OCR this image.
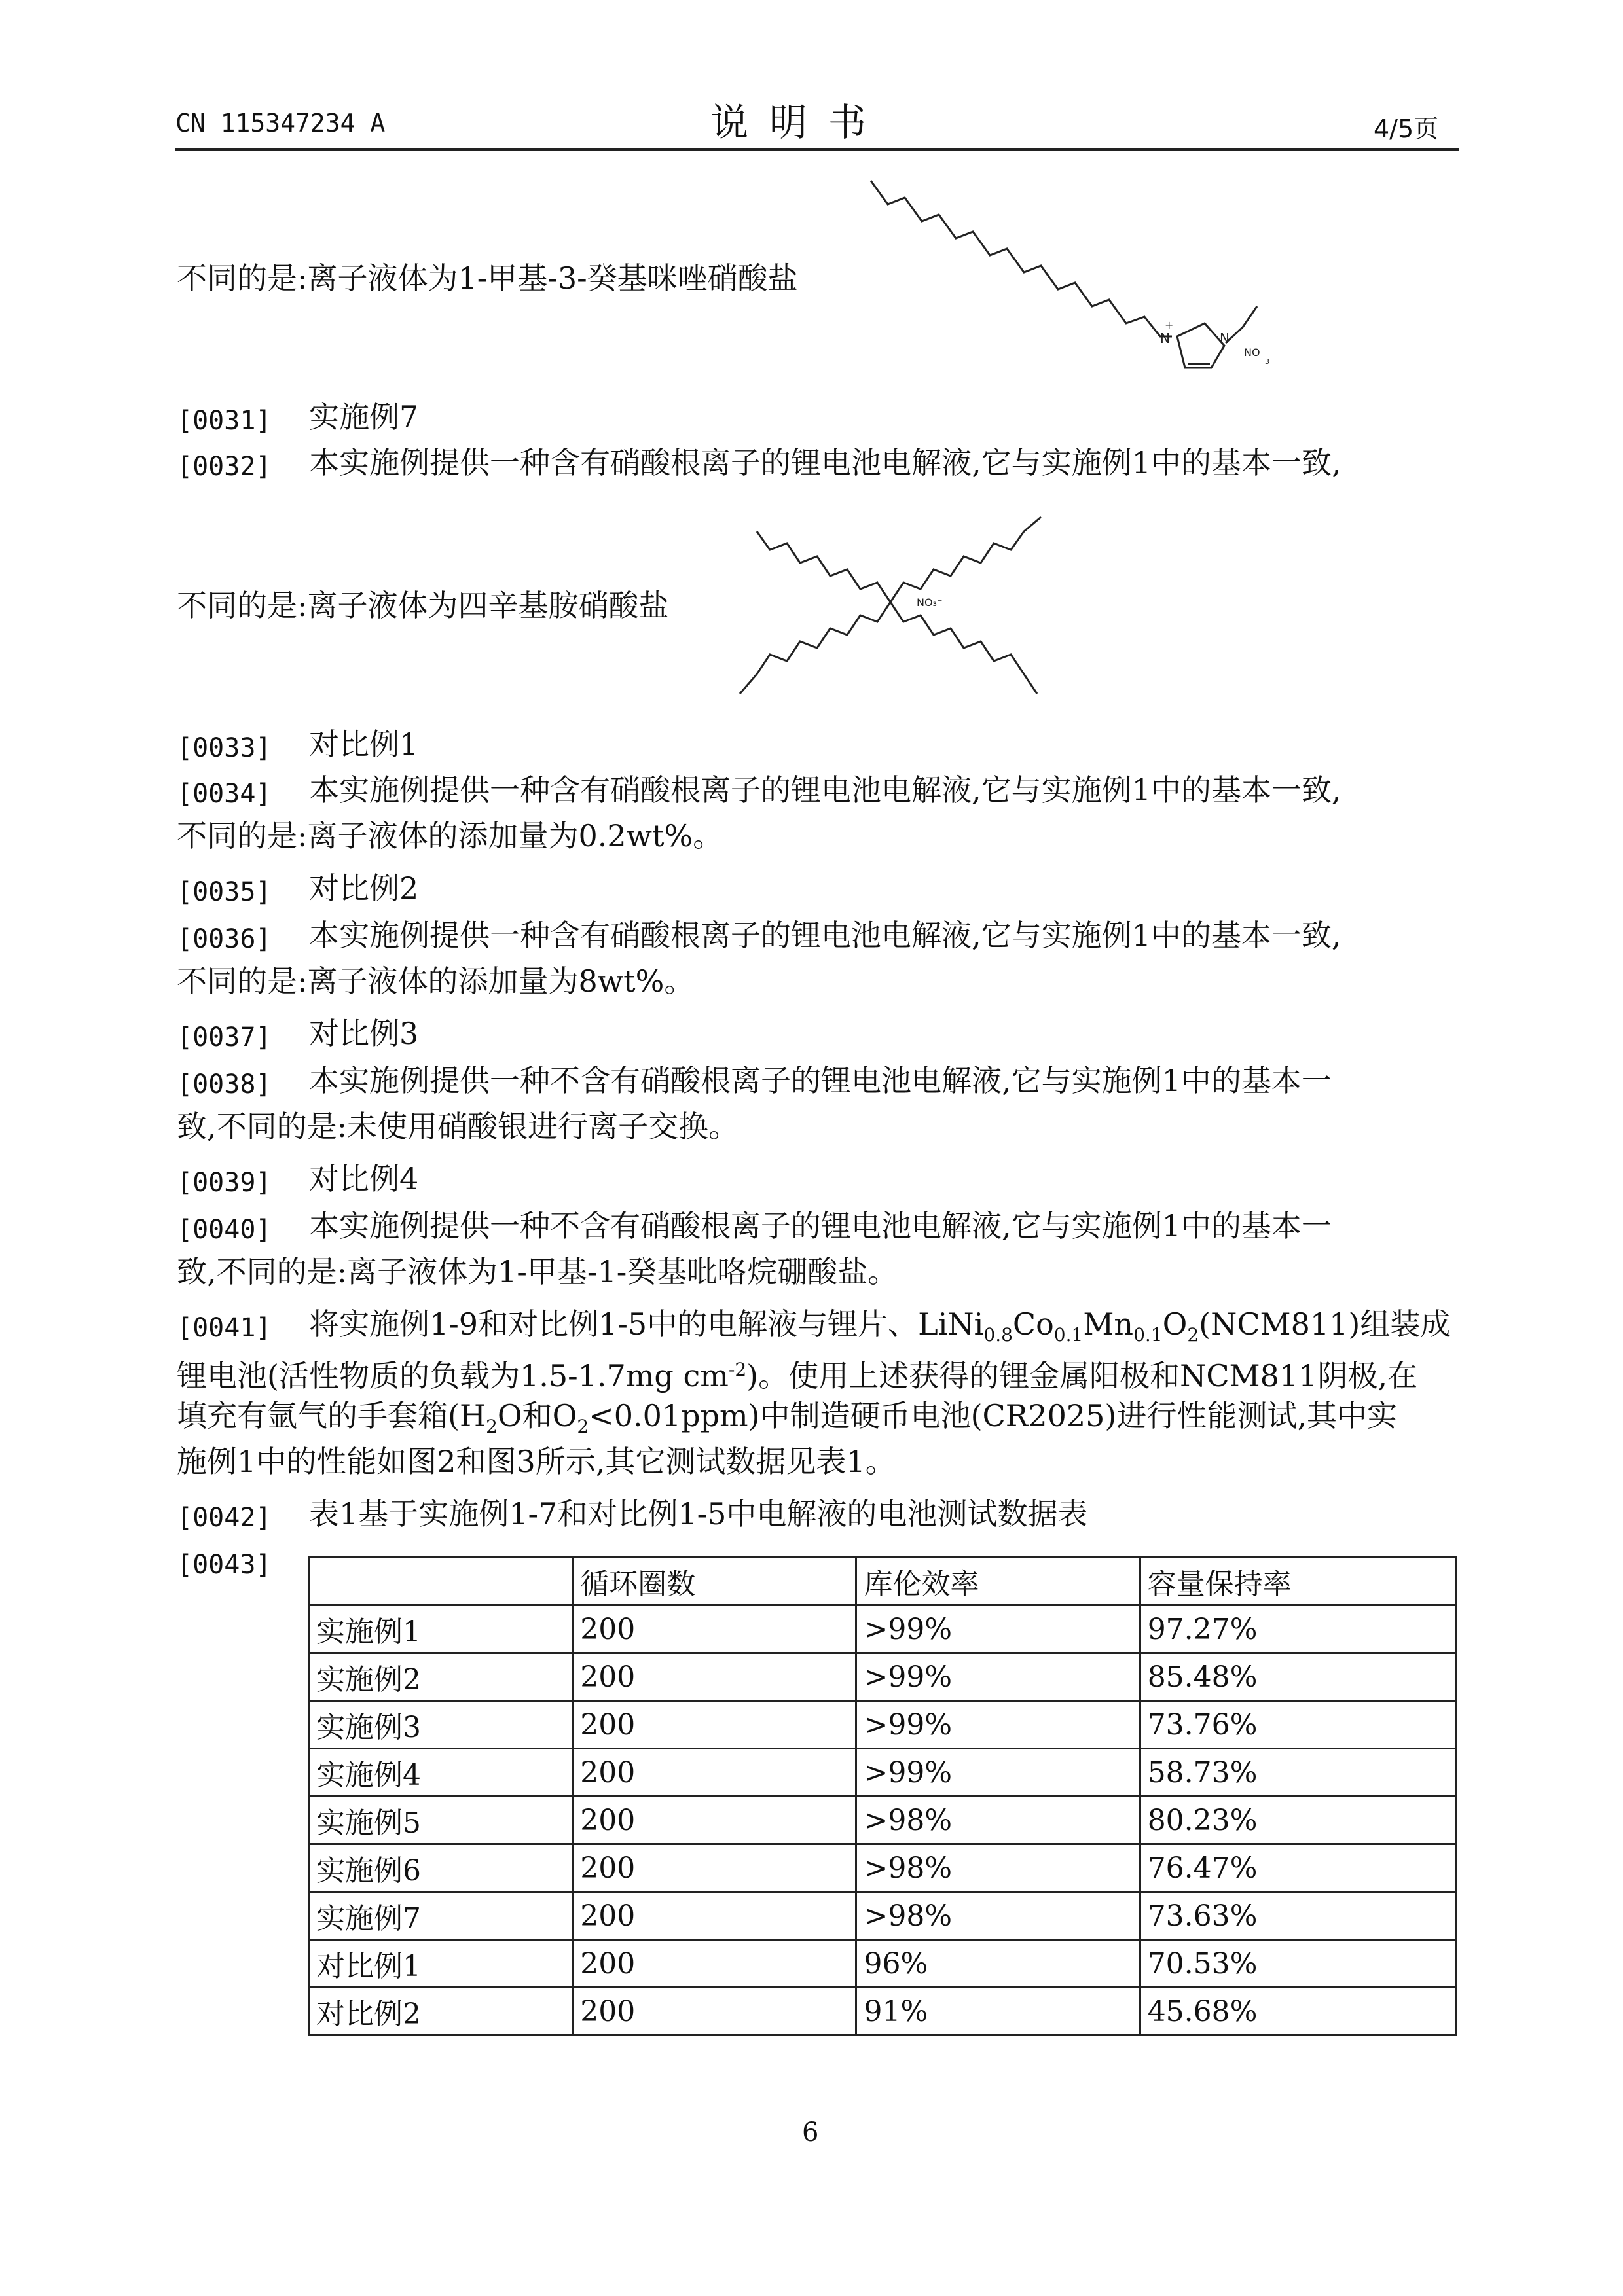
CN 115347234 A	说明书	4/5页
不同的是:离子液体为1-甲基-3-癸基咪唑硝酸盐
N
+
N
NO
3
−
[0031] 实施例7
[0032] 本实施例提供一种含有硝酸根离子的锂电池电解液,它与实施例1中的基本一致,
不同的是:离子液体为四辛基胺硝酸盐	NO₃⁻
[0033] 对比例1
[0034] 本实施例提供一种含有硝酸根离子的锂电池电解液,它与实施例1中的基本一致,
不同的是:离子液体的添加量为0.2wt%。
[0035] 对比例2
[0036] 本实施例提供一种含有硝酸根离子的锂电池电解液,它与实施例1中的基本一致,
不同的是:离子液体的添加量为8wt%。
[0037] 对比例3
[0038] 本实施例提供一种不含有硝酸根离子的锂电池电解液,它与实施例1中的基本一
致,不同的是:未使用硝酸银进行离子交换。
[0039] 对比例4
[0040] 本实施例提供一种不含有硝酸根离子的锂电池电解液,它与实施例1中的基本一
致,不同的是:离子液体为1-甲基-1-癸基吡咯烷硼酸盐。
[0041] 将实施例1-9和对比例1-5中的电解液与锂片、$LiNi_{0.8}Co_{0.1}Mn_{0.1}O_2(NCM811)$组装成
锂电池(活性物质的负载为1.5-1.7mg $cm^{-2}$)。使用上述获得的锂金属阳极和NCM811阴极,在
填充有氩气的手套箱($H_2O$和$O_2<0.01ppm$)中制造硬币电池(CR2025)进行性能测试,其中实
施例1中的性能如图2和图3所示,其它测试数据见表1。
[0042] 表1基于实施例1-7和对比例1-5中电解液的电池测试数据表
[0043]
	循环圈数	库伦效率	容量保持率
实施例1	200	>99%	97.27%
实施例2	200	>99%	85.48%
实施例3	200	>99%	73.76%
实施例4	200	>99%	58.73%
实施例5	200	>98%	80.23%
实施例6	200	>98%	76.47%
实施例7	200	>98%	73.63%
对比例1	200	96%	70.53%
对比例2	200	91%	45.68%
6
